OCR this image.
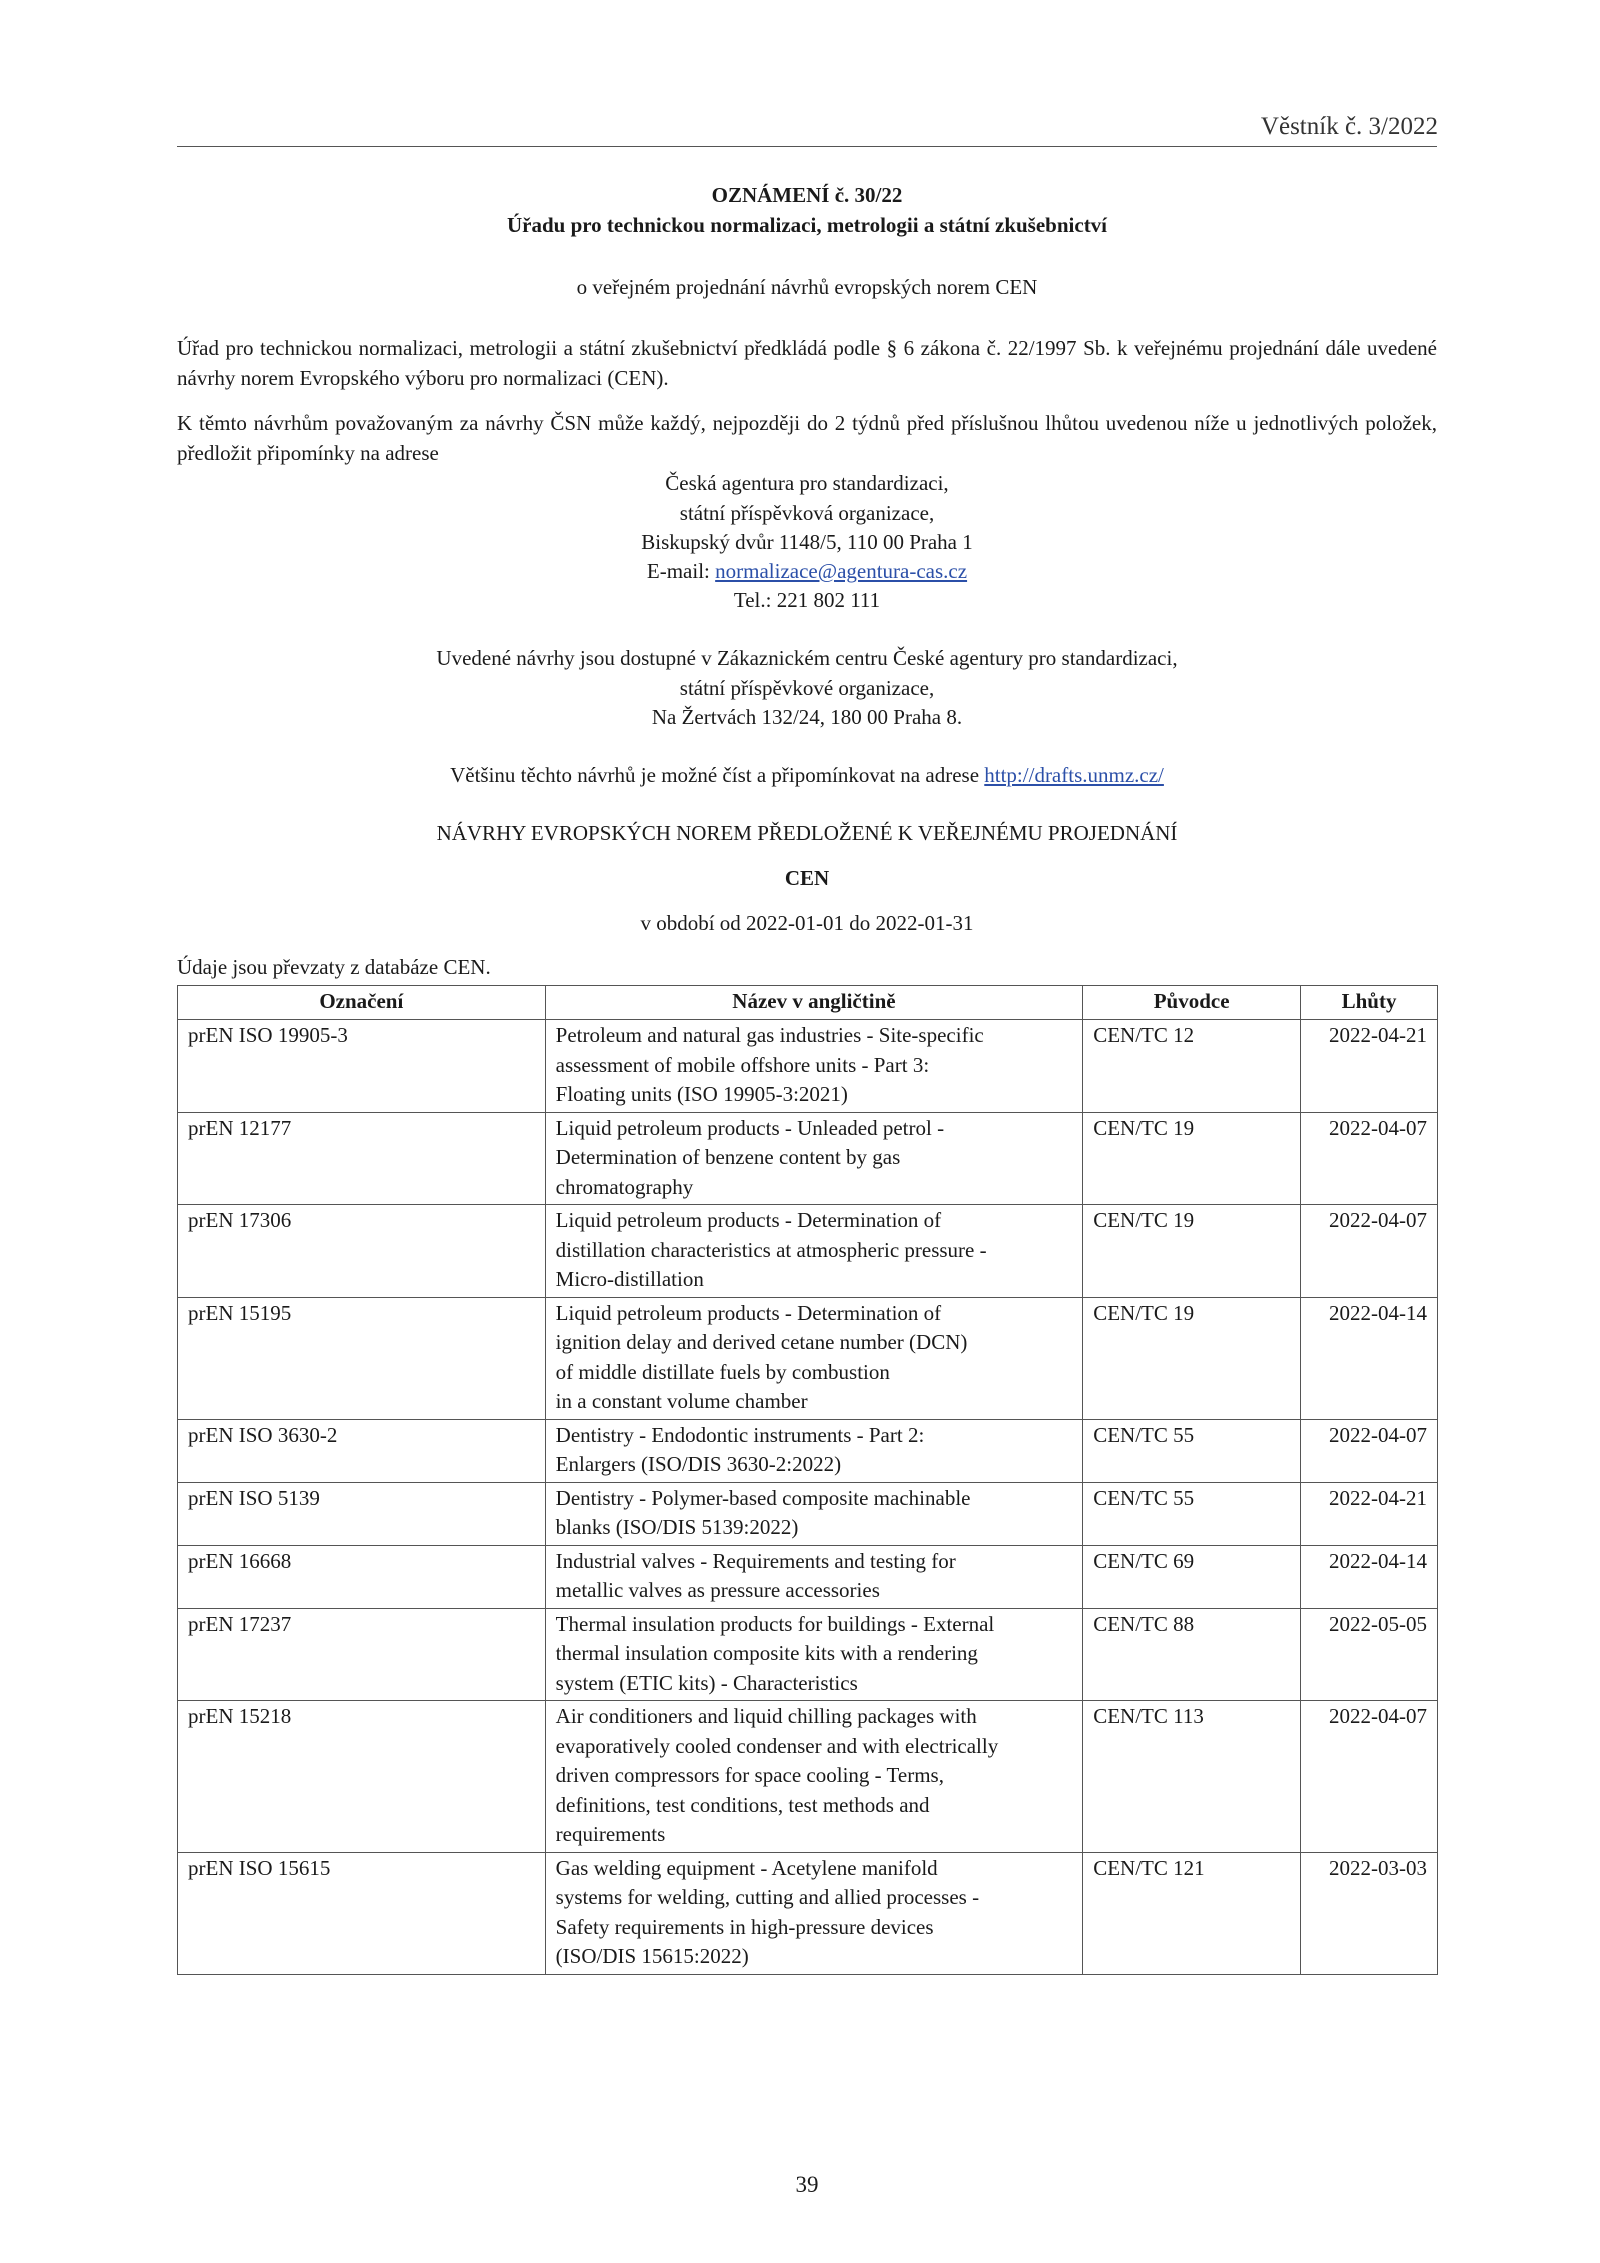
Věstník č. 3/2022
OZNÁMENÍ č. 30/22
Úřadu pro technickou normalizaci, metrologii a státní zkušebnictví
o veřejném projednání návrhů evropských norem CEN
Úřad pro technickou normalizaci, metrologii a státní zkušebnictví předkládá podle § 6 zákona č. 22/1997 Sb. k veřejnému projednání dále uvedené návrhy norem Evropského výboru pro normalizaci (CEN).
K těmto návrhům považovaným za návrhy ČSN může každý, nejpozději do 2 týdnů před příslušnou lhůtou uvedenou níže u jednotlivých položek, předložit připomínky na adrese
Česká agentura pro standardizaci,
státní příspěvková organizace,
Biskupský dvůr 1148/5, 110 00 Praha 1
E-mail: normalizace@agentura-cas.cz
Tel.: 221 802 111
Uvedené návrhy jsou dostupné v Zákaznickém centru České agentury pro standardizaci,
státní příspěvkové organizace,
Na Žertvách 132/24, 180 00 Praha 8.
Většinu těchto návrhů je možné číst a připomínkovat na adrese http://drafts.unmz.cz/
NÁVRHY EVROPSKÝCH NOREM PŘEDLOŽENÉ K VEŘEJNÉMU PROJEDNÁNÍ
CEN
v období od 2022-01-01 do 2022-01-31
Údaje jsou převzaty z databáze CEN.
Označení	Název v angličtině	Původce	Lhůty
prEN ISO 19905-3	Petroleum and natural gas industries - Site-specific
assessment of mobile offshore units - Part 3:
Floating units (ISO 19905-3:2021)	CEN/TC 12	2022-04-21
prEN 12177	Liquid petroleum products - Unleaded petrol -
Determination of benzene content by gas
chromatography	CEN/TC 19	2022-04-07
prEN 17306	Liquid petroleum products - Determination of
distillation characteristics at atmospheric pressure -
Micro-distillation	CEN/TC 19	2022-04-07
prEN 15195	Liquid petroleum products - Determination of
ignition delay and derived cetane number (DCN)
of middle distillate fuels by combustion
in a constant volume chamber	CEN/TC 19	2022-04-14
prEN ISO 3630-2	Dentistry - Endodontic instruments - Part 2:
Enlargers (ISO/DIS 3630-2:2022)	CEN/TC 55	2022-04-07
prEN ISO 5139	Dentistry - Polymer-based composite machinable
blanks (ISO/DIS 5139:2022)	CEN/TC 55	2022-04-21
prEN 16668	Industrial valves - Requirements and testing for
metallic valves as pressure accessories	CEN/TC 69	2022-04-14
prEN 17237	Thermal insulation products for buildings - External
thermal insulation composite kits with a rendering
system (ETIC kits) - Characteristics	CEN/TC 88	2022-05-05
prEN 15218	Air conditioners and liquid chilling packages with
evaporatively cooled condenser and with electrically
driven compressors for space cooling - Terms,
definitions, test conditions, test methods and
requirements	CEN/TC 113	2022-04-07
prEN ISO 15615	Gas welding equipment - Acetylene manifold
systems for welding, cutting and allied processes -
Safety requirements in high-pressure devices
(ISO/DIS 15615:2022)	CEN/TC 121	2022-03-03
39
